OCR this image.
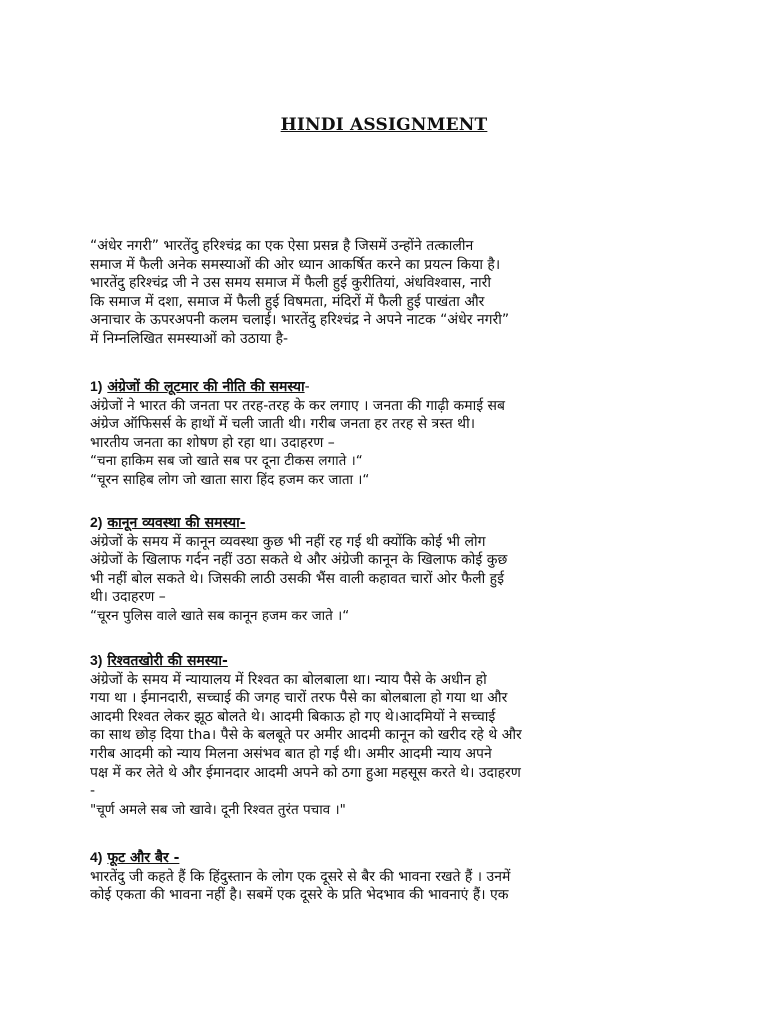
HINDI ASSIGNMENT

“अंधेर नगरी” भारतेंदु हरिश्चंद्र का एक ऐसा प्रसन्न है जिसमें उन्होंने तत्कालीन

समाज में फैली अनेक समस्याओं की ओर ध्यान आकर्षित करने का प्रयत्न किया है।

भारतेंदु हरिश्चंद्र जी ने उस समय समाज में फैली हुई कुरीतियां, अंधविश्वास, नारी

कि समाज में दशा, समाज में फैली हुई विषमता, मंदिरों में फैली हुई पाखंता और

अनाचार के ऊपरअपनी कलम चलाई। भारतेंदु हरिश्चंद्र ने अपने नाटक “अंधेर नगरी”

में निम्नलिखित समस्याओं को उठाया है-

1) अंग्रेजों की लूटमार की नीति की समस्या-

अंग्रेजों ने भारत की जनता पर तरह-तरह के कर लगाए । जनता की गाढ़ी कमाई सब

अंग्रेज ऑफिसर्स के हाथों में चली जाती थी। गरीब जनता हर तरह से त्रस्त थी।

भारतीय जनता का शोषण हो रहा था। उदाहरण –

“चना हाकिम सब जो खाते सब पर दूना टीकस लगाते ।“

“चूरन साहिब लोग जो खाता सारा हिंद हजम कर जाता ।“

2) कानून व्यवस्था की समस्या-

अंग्रेजों के समय में कानून व्यवस्था कुछ भी नहीं रह गई थी क्योंकि कोई भी लोग

अंग्रेजों के खिलाफ गर्दन नहीं उठा सकते थे और अंग्रेजी कानून के खिलाफ कोई कुछ

भी नहीं बोल सकते थे। जिसकी लाठी उसकी भैंस वाली कहावत चारों ओर फैली हुई

थी। उदाहरण –

“चूरन पुलिस वाले खाते सब कानून हजम कर जाते ।“

3) रिश्वतखोरी की समस्या-

अंग्रेजों के समय में न्यायालय में रिश्वत का बोलबाला था। न्याय पैसे के अधीन हो

गया था । ईमानदारी, सच्चाई की जगह चारों तरफ पैसे का बोलबाला हो गया था और

आदमी रिश्वत लेकर झूठ बोलते थे। आदमी बिकाऊ हो गए थे।आदमियों ने सच्चाई

का साथ छोड़ दिया tha। पैसे के बलबूते पर अमीर आदमी कानून को खरीद रहे थे और

गरीब आदमी को न्याय मिलना असंभव बात हो गई थी। अमीर आदमी न्याय अपने

पक्ष में कर लेते थे और ईमानदार आदमी अपने को ठगा हुआ महसूस करते थे। उदाहरण

-

"चूर्ण अमले सब जो खावे। दूनी रिश्वत तुरंत पचाव ।"

4) फूट और बैर -

भारतेंदु जी कहते हैं कि हिंदुस्तान के लोग एक दूसरे से बैर की भावना रखते हैं । उनमें

कोई एकता की भावना नहीं है। सबमें एक दूसरे के प्रति भेदभाव की भावनाएं हैं। एक
